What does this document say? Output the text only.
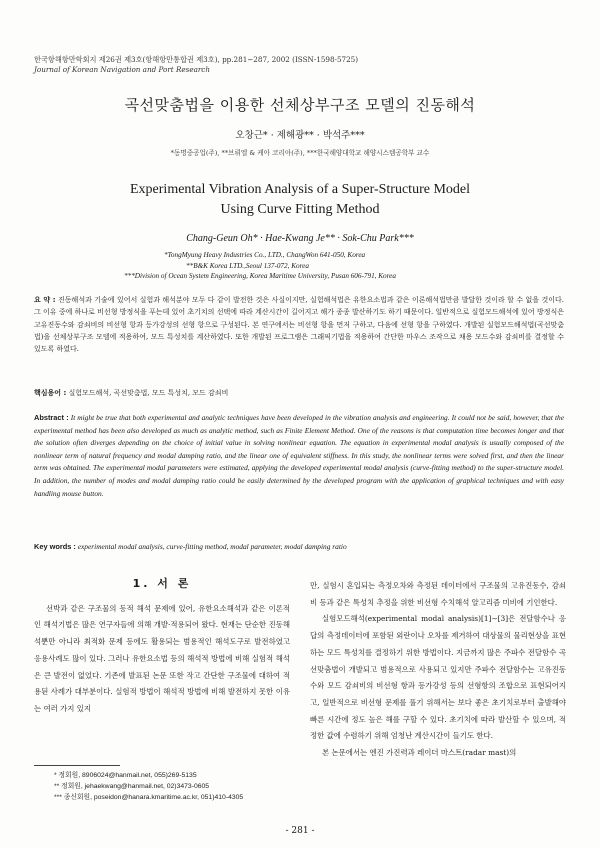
한국항해항만학회지 제26권 제3호(항해항만통합권 제3호), pp.281∼287, 2002 (ISSN-1598-5725)
Journal of Korean Navigation and Port Research
곡선맞춤법을 이용한 선체상부구조 모델의 진동해석
오창근* · 제해광** · 박석주***
*동명중공업(주), **브뤼엘 & 케아 코리아(주), ***한국해양대학교 해양시스템공학부 교수
Experimental Vibration Analysis of a Super-Structure Model
Using Curve Fitting Method
Chang-Geun Oh* · Hae-Kwang Je** · Sok-Chu Park***
*TongMyung Heavy Industries Co., LTD., ChangWon 641-050, Korea
**B&K Korea LTD.,Seoul 137-072, Korea
***Division of Ocean System Engineering, Korea Maritime University, Pusan 606-791, Korea
요 약 : 진동해석과 기술에 있어서 실험과 해석분야 모두 다 같이 발전한 것은 사실이지만, 실험해석법은 유한요소법과 같은 이론해석법만큼 발달한 것이라 할 수 없을 것이다. 그 이유 중에 하나로 비선형 방정식을 푸는데 있어 초기치의 선택에 따라 계산시간이 길어지고 해가 종종 발산하기도 하기 때문이다. 일반적으로 실험모드해석에 있어 방정식은 고유진동수와 감쇠비의 비선형 항과 등가강성의 선형 항으로 구성된다. 본 연구에서는 비선형 항을 먼저 구하고, 다음에 선형 항을 구하였다. 개발된 실험모드해석법(곡선맞춤법)을 선체상부구조 모델에 적용하여, 모드 특성치를 계산하였다. 또한 개발된 프로그램은 그래픽기법을 적용하여 간단한 마우스 조작으로 채용 모드수와 감쇠비를 결정할 수 있도록 하였다.
핵심용어 : 실험모드해석, 곡선맞춤법, 모드 특성치, 모드 감쇠비
Abstract : It might be true that both experimental and analytic techniques have been developed in the vibration analysis and engineering. It could not be said, however, that the experimental method has been also developed as much as analytic method, such as Finite Element Method. One of the reasons is that computation time becomes longer and that the solution often diverges depending on the choice of initial value in solving nonlinear equation. The equation in experimental modal analysis is usually composed of the nonlinear term of natural frequency and modal damping ratio, and the linear one of equivalent stiffness. In this study, the nonlinear terms were solved first, and then the linear term was obtained. The experimental modal parameters were estimated, applying the developed experimental modal analysis (curve-fitting method) to the super-structure model. In addition, the number of modes and modal damping ratio could be easily determined by the developed program with the application of graphical techniques and with easy handling mouse button.
Key words : experimental modal analysis, curve-fitting method, modal parameter, modal damping ratio
1. 서 론

선박과 같은 구조물의 동적 해석 문제에 있어, 유한요소해석과 같은 이론적인 해석기법은 많은 연구자들에 의해 개발·적용되어 왔다. 현재는 단순한 진동해석뿐만 아니라 최적화 문제 등에도 활용되는 범용적인 해석도구로 발전하였고 응용사례도 많이 있다. 그러나 유한요소법 등의 해석적 방법에 비해 실험적 해석은 큰 발전이 없었다. 기존에 발표된 논문 또한 작고 간단한 구조물에 대하여 적용된 사례가 대부분이다. 실험적 방법이 해석적 방법에 비해 발전하지 못한 이유는 여러 가지 있지

만, 실험시 혼입되는 측정오차와 측정된 데이터에서 구조물의 고유진동수, 감쇠비 등과 같은 특성치 추정을 위한 비선형 수치해석 알고리즘 미비에 기인한다.

실험모드해석(experimental modal analysis)[1]∼[3]은 전달함수나 응답의 측정데이터에 포함된 외란이나 오차를 제거하여 대상물의 물리현상을 표현하는 모드 특성치를 결정하기 위한 방법이다. 지금까지 많은 주파수 전달함수 곡선맞춤법이 개발되고 범용적으로 사용되고 있지만 주파수 전달함수는 고유진동수와 모드 감쇠비의 비선형 항과 등가강성 등의 선형항의 조합으로 표현되어지고, 일반적으로 비선형 문제를 풀기 위해서는 보다 좋은 초기치로부터 출발해야 빠른 시간에 정도 높은 해를 구할 수 있다. 초기치에 따라 발산할 수 있으며, 적정한 값에 수렴하기 위해 엄청난 계산시간이 들기도 한다.

본 논문에서는 엔진 가진력과 레이더 마스트(radar mast)의

* 정회원, 8906024@hanmail.net, 055)269-5135
** 정회원, jehaekwang@hanmail.net, 02)3473-0605
*** 종신회원, poseidon@hanara.kmaritime.ac.kr, 051)410-4305
- 281 -
